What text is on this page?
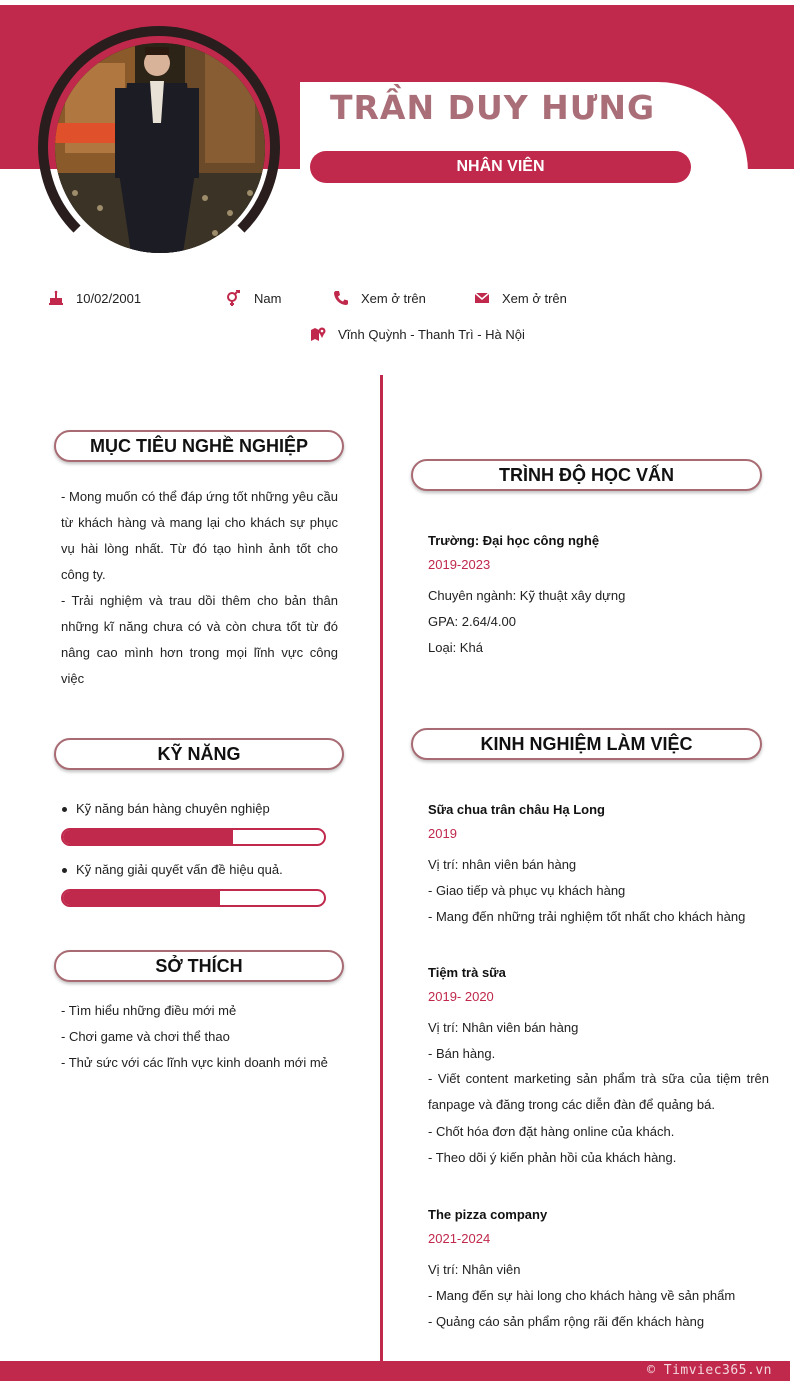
TRẦN DUY HƯNG
NHÂN VIÊN
10/02/2001	Nam	Xem ở trên	Xem ở trên
Vĩnh Quỳnh - Thanh Trì - Hà Nội
MỤC TIÊU NGHỀ NGHIỆP
- Mong muốn có thể đáp ứng tốt những yêu cầu từ khách hàng và mang lại cho khách sự phục vụ hài lòng nhất. Từ đó tạo hình ảnh tốt cho công ty.
- Trải nghiệm và trau dồi thêm cho bản thân những kĩ năng chưa có và còn chưa tốt từ đó nâng cao mình hơn trong mọi lĩnh vực công việc
KỸ NĂNG
Kỹ năng bán hàng chuyên nghiệp
Kỹ năng giải quyết vấn đề hiệu quả.
SỞ THÍCH
- Tìm hiểu những điều mới mẻ
- Chơi game và chơi thể thao
- Thử sức với các lĩnh vực kinh doanh mới mẻ
TRÌNH ĐỘ HỌC VẤN
Trường: Đại học công nghệ
2019-2023
Chuyên ngành: Kỹ thuật xây dựng
GPA: 2.64/4.00
Loại: Khá
KINH NGHIỆM LÀM VIỆC
Sữa chua trân châu Hạ Long
2019
Vị trí: nhân viên bán hàng
- Giao tiếp và phục vụ khách hàng
- Mang đến những trải nghiệm tốt nhất cho khách hàng
Tiệm trà sữa
2019- 2020
Vị trí: Nhân viên bán hàng
- Bán hàng.
- Viết content marketing sản phẩm trà sữa của tiệm trên fanpage và đăng trong các diễn đàn để quảng bá.
- Chốt hóa đơn đặt hàng online của khách.
- Theo dõi ý kiến phản hồi của khách hàng.
The pizza company
2021-2024
Vị trí: Nhân viên
- Mang đến sự hài long cho khách hàng về sản phẩm
- Quảng cáo sản phẩm rộng rãi đến khách hàng
© Timviec365.vn
